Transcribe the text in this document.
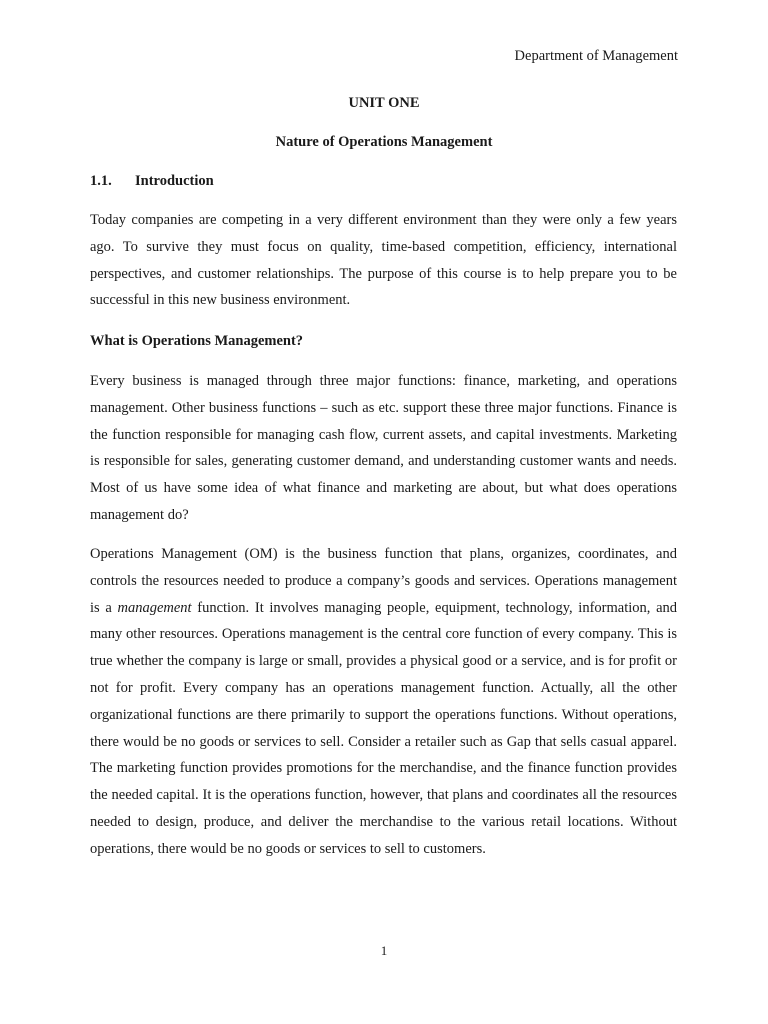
Department of Management
UNIT ONE
Nature of Operations Management
1.1. Introduction

Today companies are competing in a very different environment than they were only a few years ago. To survive they must focus on quality, time-based competition, efficiency, international perspectives, and customer relationships. The purpose of this course is to help prepare you to be successful in this new business environment.

What is Operations Management?

Every business is managed through three major functions: finance, marketing, and operations management. Other business functions – such as etc. support these three major functions. Finance is the function responsible for managing cash flow, current assets, and capital investments. Marketing is responsible for sales, generating customer demand, and understanding customer wants and needs. Most of us have some idea of what finance and marketing are about, but what does operations management do?

Operations Management (OM) is the business function that plans, organizes, coordinates, and controls the resources needed to produce a company’s goods and services. Operations management is a management function. It involves managing people, equipment, technology, information, and many other resources. Operations management is the central core function of every company. This is true whether the company is large or small, provides a physical good or a service, and is for profit or not for profit. Every company has an operations management function. Actually, all the other organizational functions are there primarily to support the operations functions. Without operations, there would be no goods or services to sell. Consider a retailer such as Gap that sells casual apparel. The marketing function provides promotions for the merchandise, and the finance function provides the needed capital. It is the operations function, however, that plans and coordinates all the resources needed to design, produce, and deliver the merchandise to the various retail locations. Without operations, there would be no goods or services to sell to customers.

1
